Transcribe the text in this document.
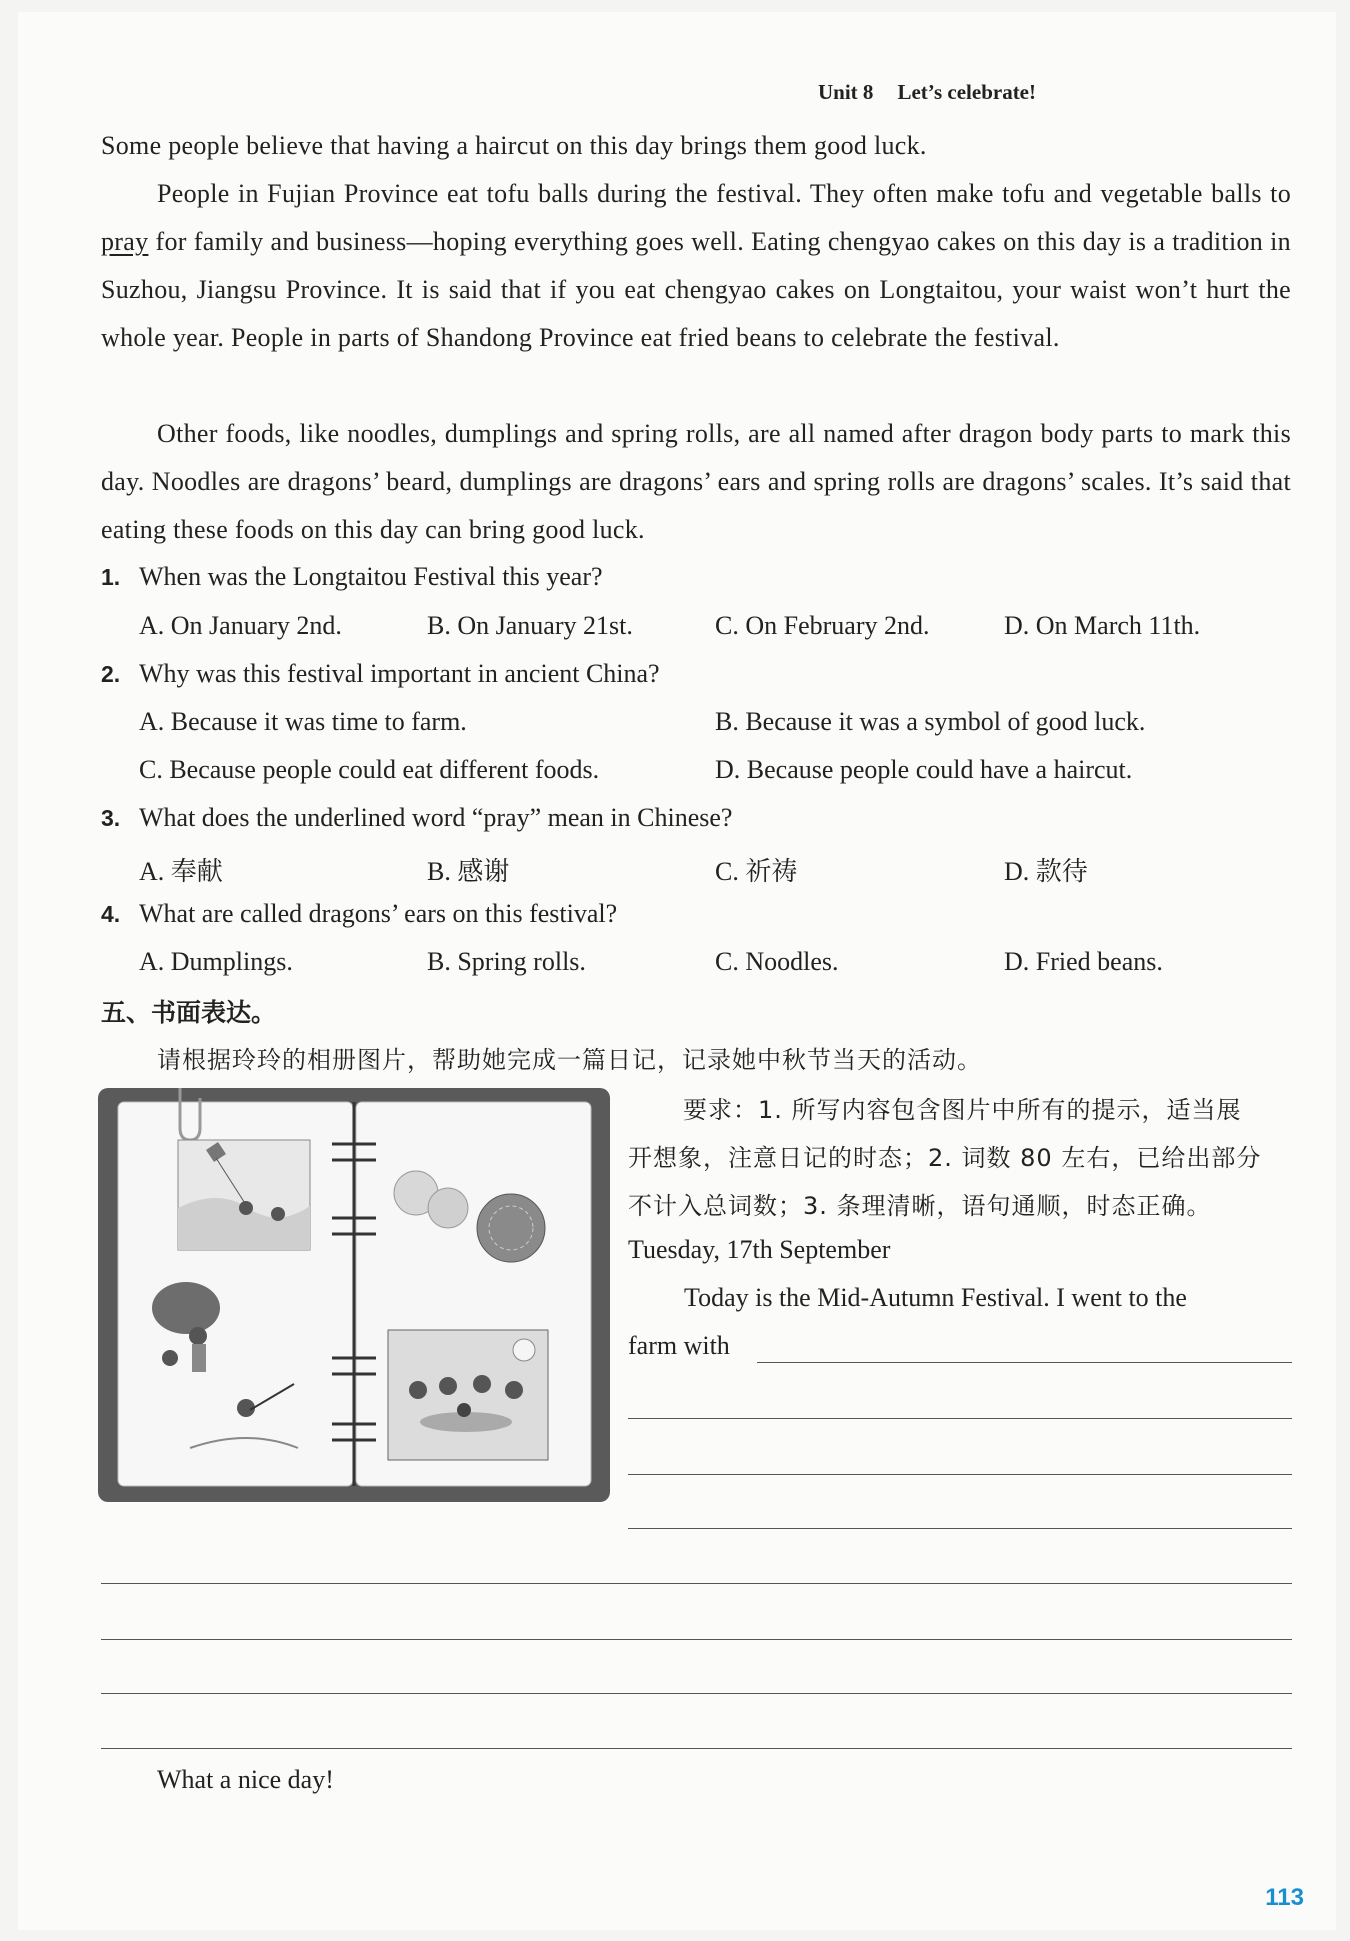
Unit 8 Let’s celebrate!
Some people believe that having a haircut on this day brings them good luck.
People in Fujian Province eat tofu balls during the festival. They often make tofu and vegetable balls to pray for family and business—hoping everything goes well. Eating chengyao cakes on this day is a tradition in Suzhou, Jiangsu Province. It is said that if you eat chengyao cakes on Longtaitou, your waist won’t hurt the whole year. People in parts of Shandong Province eat fried beans to celebrate the festival.
Other foods, like noodles, dumplings and spring rolls, are all named after dragon body parts to mark this day. Noodles are dragons’ beard, dumplings are dragons’ ears and spring rolls are dragons’ scales. It’s said that eating these foods on this day can bring good luck.
1. When was the Longtaitou Festival this year?
A. On January 2nd.	B. On January 21st.	C. On February 2nd.	D. On March 11th.
2. Why was this festival important in ancient China?
A. Because it was time to farm.	B. Because it was a symbol of good luck.
C. Because people could eat different foods.	D. Because people could have a haircut.
3. What does the underlined word “pray” mean in Chinese?
A. 奉献	B. 感谢	C. 祈祷	D. 款待
4. What are called dragons’ ears on this festival?
A. Dumplings.	B. Spring rolls.	C. Noodles.	D. Fried beans.
五、书面表达。
请根据玲玲的相册图片，帮助她完成一篇日记，记录她中秋节当天的活动。
要求：1. 所写内容包含图片中所有的提示，适当展
开想象，注意日记的时态；2. 词数 80 左右，已给出部分
不计入总词数；3. 条理清晰，语句通顺，时态正确。
Tuesday, 17th September
Today is the Mid-Autumn Festival. I went to the
farm with
What a nice day!
113
